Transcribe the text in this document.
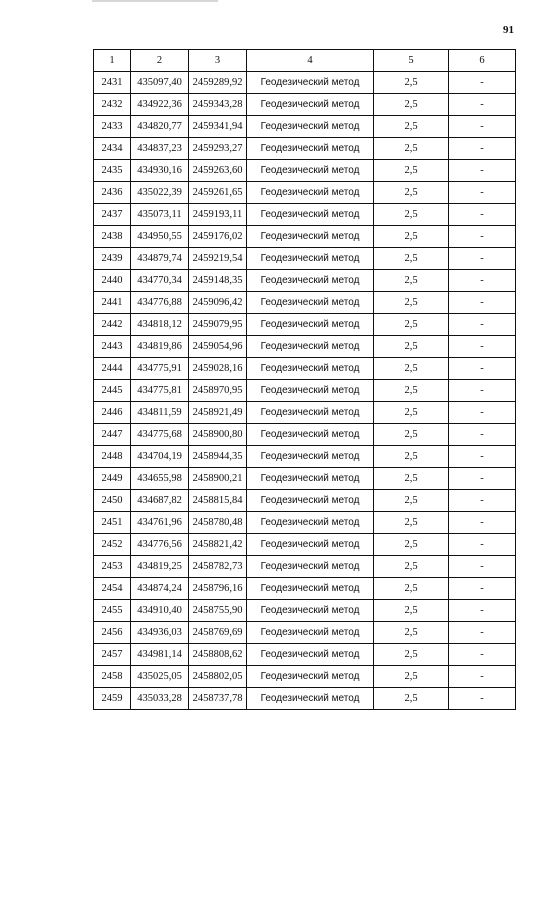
91
1	2	3	4	5	6
2431	435097,40	2459289,92	Геодезический метод	2,5	-
2432	434922,36	2459343,28	Геодезический метод	2,5	-
2433	434820,77	2459341,94	Геодезический метод	2,5	-
2434	434837,23	2459293,27	Геодезический метод	2,5	-
2435	434930,16	2459263,60	Геодезический метод	2,5	-
2436	435022,39	2459261,65	Геодезический метод	2,5	-
2437	435073,11	2459193,11	Геодезический метод	2,5	-
2438	434950,55	2459176,02	Геодезический метод	2,5	-
2439	434879,74	2459219,54	Геодезический метод	2,5	-
2440	434770,34	2459148,35	Геодезический метод	2,5	-
2441	434776,88	2459096,42	Геодезический метод	2,5	-
2442	434818,12	2459079,95	Геодезический метод	2,5	-
2443	434819,86	2459054,96	Геодезический метод	2,5	-
2444	434775,91	2459028,16	Геодезический метод	2,5	-
2445	434775,81	2458970,95	Геодезический метод	2,5	-
2446	434811,59	2458921,49	Геодезический метод	2,5	-
2447	434775,68	2458900,80	Геодезический метод	2,5	-
2448	434704,19	2458944,35	Геодезический метод	2,5	-
2449	434655,98	2458900,21	Геодезический метод	2,5	-
2450	434687,82	2458815,84	Геодезический метод	2,5	-
2451	434761,96	2458780,48	Геодезический метод	2,5	-
2452	434776,56	2458821,42	Геодезический метод	2,5	-
2453	434819,25	2458782,73	Геодезический метод	2,5	-
2454	434874,24	2458796,16	Геодезический метод	2,5	-
2455	434910,40	2458755,90	Геодезический метод	2,5	-
2456	434936,03	2458769,69	Геодезический метод	2,5	-
2457	434981,14	2458808,62	Геодезический метод	2,5	-
2458	435025,05	2458802,05	Геодезический метод	2,5	-
2459	435033,28	2458737,78	Геодезический метод	2,5	-
